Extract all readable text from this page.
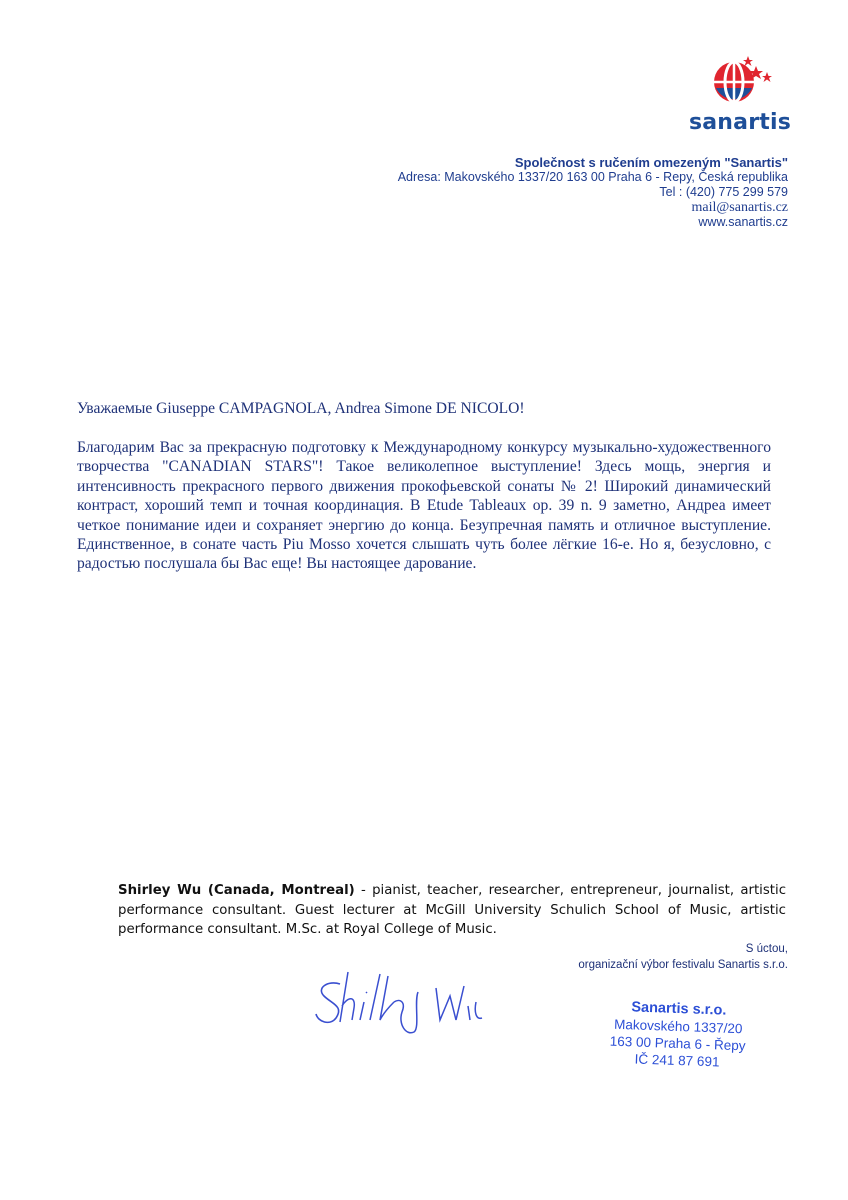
sanartis
Společnost s ručením omezeným "Sanartis"
Adresa: Makovského 1337/20 163 00 Praha 6 - Repy, Česká republika
Tel : (420) 775 299 579
mail@sanartis.cz
www.sanartis.cz
Уважаемые Giuseppe CAMPAGNOLA, Andrea Simone DE NICOLO!
Благодарим Вас за прекрасную подготовку к Международному конкурсу музыкально-художественного творчества "CANADIAN STARS"! Такое великолепное выступление! Здесь мощь, энергия и интенсивность прекрасного первого движения прокофьевской сонаты № 2! Широкий динамический контраст, хороший темп и точная координация. В Etude Tableaux op. 39 n. 9 заметно, Андреа имеет четкое понимание идеи и сохраняет энергию до конца. Безупречная память и отличное выступление. Единственное, в сонате часть Piu Mosso хочется слышать чуть более лёгкие 16-е. Но я, безусловно, с радостью послушала бы Вас еще! Вы настоящее дарование.
Shirley Wu (Canada, Montreal) - pianist, teacher, researcher, entrepreneur, journalist, artistic performance consultant. Guest lecturer at McGill University Schulich School of Music, artistic performance consultant. M.Sc. at Royal College of Music.
S úctou,
organizační výbor festivalu Sanartis s.r.o.
Sanartis s.r.o.
Makovského 1337/20
163 00 Praha 6 - Řepy
IČ 241 87 691
